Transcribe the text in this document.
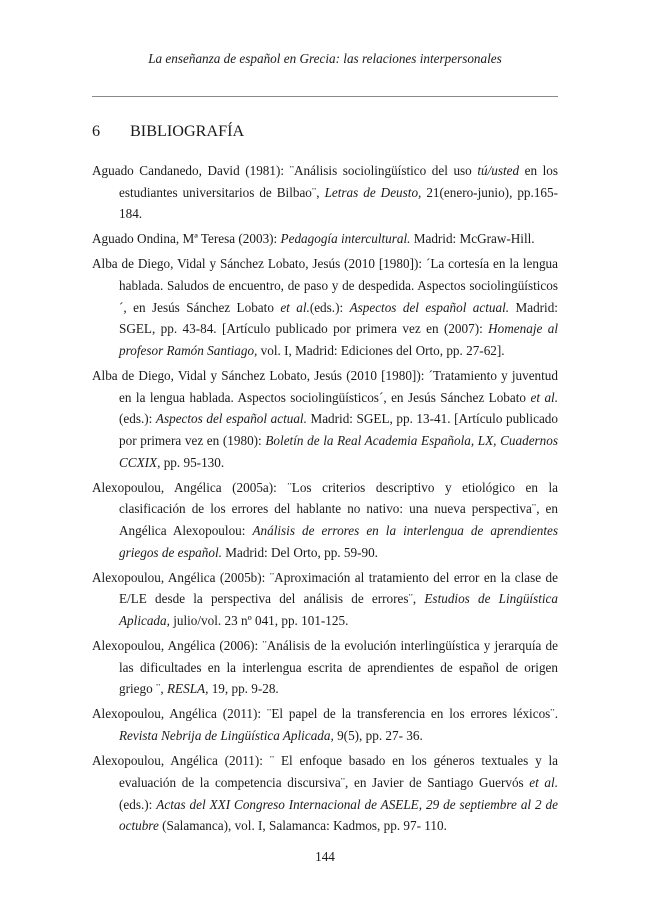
La enseñanza de español en Grecia: las relaciones interpersonales
6 BIBLIOGRAFÍA
Aguado Candanedo, David (1981): ¨Análisis sociolingüístico del uso tú/usted en los estudiantes universitarios de Bilbao¨, Letras de Deusto, 21(enero-junio), pp.165-184.
Aguado Ondina, Mª Teresa (2003): Pedagogía intercultural. Madrid: McGraw-Hill.
Alba de Diego, Vidal y Sánchez Lobato, Jesús (2010 [1980]): ´La cortesía en la lengua hablada. Saludos de encuentro, de paso y de despedida. Aspectos sociolingüísticos´, en Jesús Sánchez Lobato et al.(eds.): Aspectos del español actual. Madrid: SGEL, pp. 43-84. [Artículo publicado por primera vez en (2007): Homenaje al profesor Ramón Santiago, vol. I, Madrid: Ediciones del Orto, pp. 27-62].
Alba de Diego, Vidal y Sánchez Lobato, Jesús (2010 [1980]): ´Tratamiento y juventud en la lengua hablada. Aspectos sociolingüísticos´, en Jesús Sánchez Lobato et al.(eds.): Aspectos del español actual. Madrid: SGEL, pp. 13-41. [Artículo publicado por primera vez en (1980): Boletín de la Real Academia Española, LX, Cuadernos CCXIX, pp. 95-130.
Alexopoulou, Angélica (2005a): ¨Los criterios descriptivo y etiológico en la clasificación de los errores del hablante no nativo: una nueva perspectiva¨, en Angélica Alexopoulou: Análisis de errores en la interlengua de aprendientes griegos de español. Madrid: Del Orto, pp. 59-90.
Alexopoulou, Angélica (2005b): ¨Aproximación al tratamiento del error en la clase de E/LE desde la perspectiva del análisis de errores¨, Estudios de Lingüística Aplicada, julio/vol. 23 nº 041, pp. 101-125.
Alexopoulou, Angélica (2006): ¨Análisis de la evolución interlingüística y jerarquía de las dificultades en la interlengua escrita de aprendientes de español de origen griego ¨, RESLA, 19, pp. 9-28.
Alexopoulou, Angélica (2011): ¨El papel de la transferencia en los errores léxicos¨. Revista Nebrija de Lingüística Aplicada, 9(5), pp. 27- 36.
Alexopoulou, Angélica (2011): ¨ El enfoque basado en los géneros textuales y la evaluación de la competencia discursiva¨, en Javier de Santiago Guervós et al. (eds.): Actas del XXI Congreso Internacional de ASELE, 29 de septiembre al 2 de octubre (Salamanca), vol. I, Salamanca: Kadmos, pp. 97- 110.
144
